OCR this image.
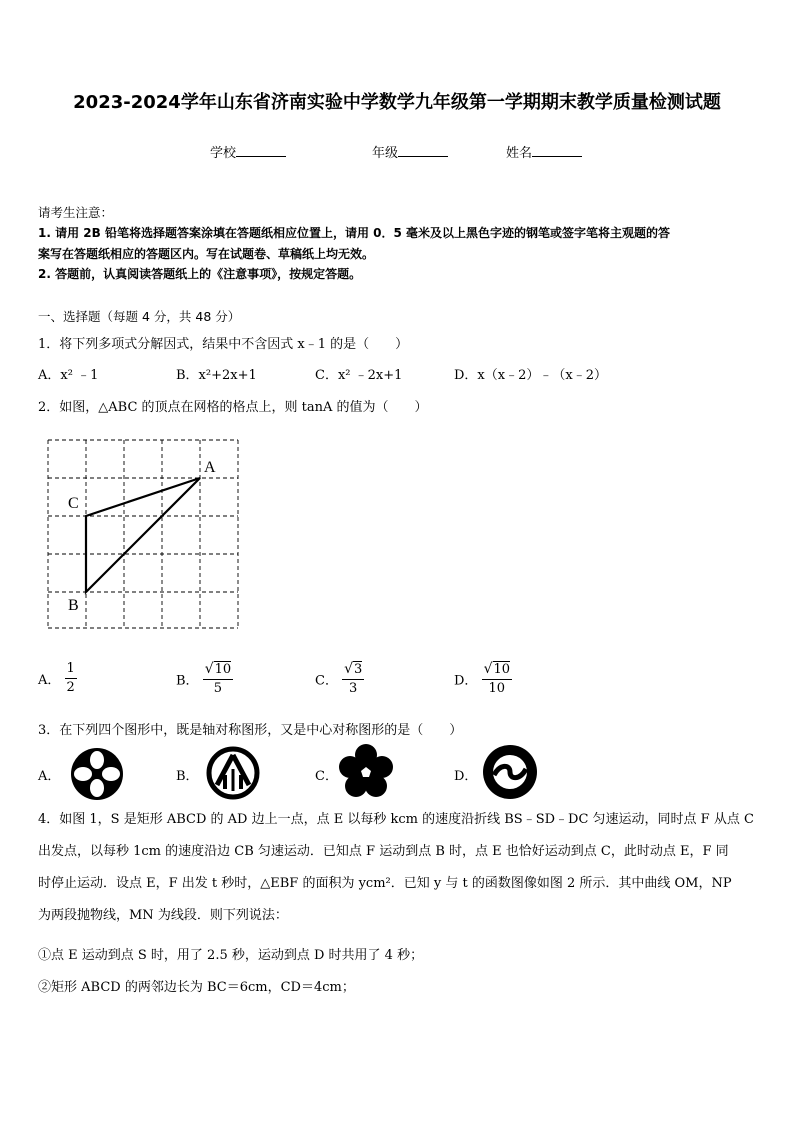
2023-2024学年山东省济南实验中学数学九年级第一学期期末教学质量检测试题
学校	年级	姓名
请考生注意：
1. 请用 2B 铅笔将选择题答案涂填在答题纸相应位置上，请用 0．5 毫米及以上黑色字迹的钢笔或签字笔将主观题的答
案写在答题纸相应的答题区内。写在试题卷、草稿纸上均无效。
2. 答题前，认真阅读答题纸上的《注意事项》，按规定答题。
一、选择题（每题 4 分，共 48 分）
1．将下列多项式分解因式，结果中不含因式 x﹣1 的是（　　）
A．x² ﹣1	B．x²+2x+1	C．x² ﹣2x+1	D．x（x﹣2）﹣（x﹣2）
2．如图，△ABC 的顶点在网格的格点上，则 tanA 的值为（　　）
A
C
B
A． $\frac{1}{2}$	B． $\frac{√10}{5}$	C． $\frac{√3}{3}$	D． $\frac{√10}{10}$
3．在下列四个图形中，既是轴对称图形，又是中心对称图形的是（　　）
A．	B．	C．	D．
4．如图 1，S 是矩形 ABCD 的 AD 边上一点，点 E 以每秒 kcm 的速度沿折线 BS﹣SD﹣DC 匀速运动，同时点 F 从点 C
出发点，以每秒 1cm 的速度沿边 CB 匀速运动．已知点 F 运动到点 B 时，点 E 也恰好运动到点 C，此时动点 E，F 同
时停止运动．设点 E，F 出发 t 秒时，△EBF 的面积为 ycm²．已知 y 与 t 的函数图像如图 2 所示．其中曲线 OM，NP
为两段抛物线，MN 为线段．则下列说法：
①点 E 运动到点 S 时，用了 2.5 秒，运动到点 D 时共用了 4 秒；
②矩形 ABCD 的两邻边长为 BC＝6cm，CD＝4cm；
